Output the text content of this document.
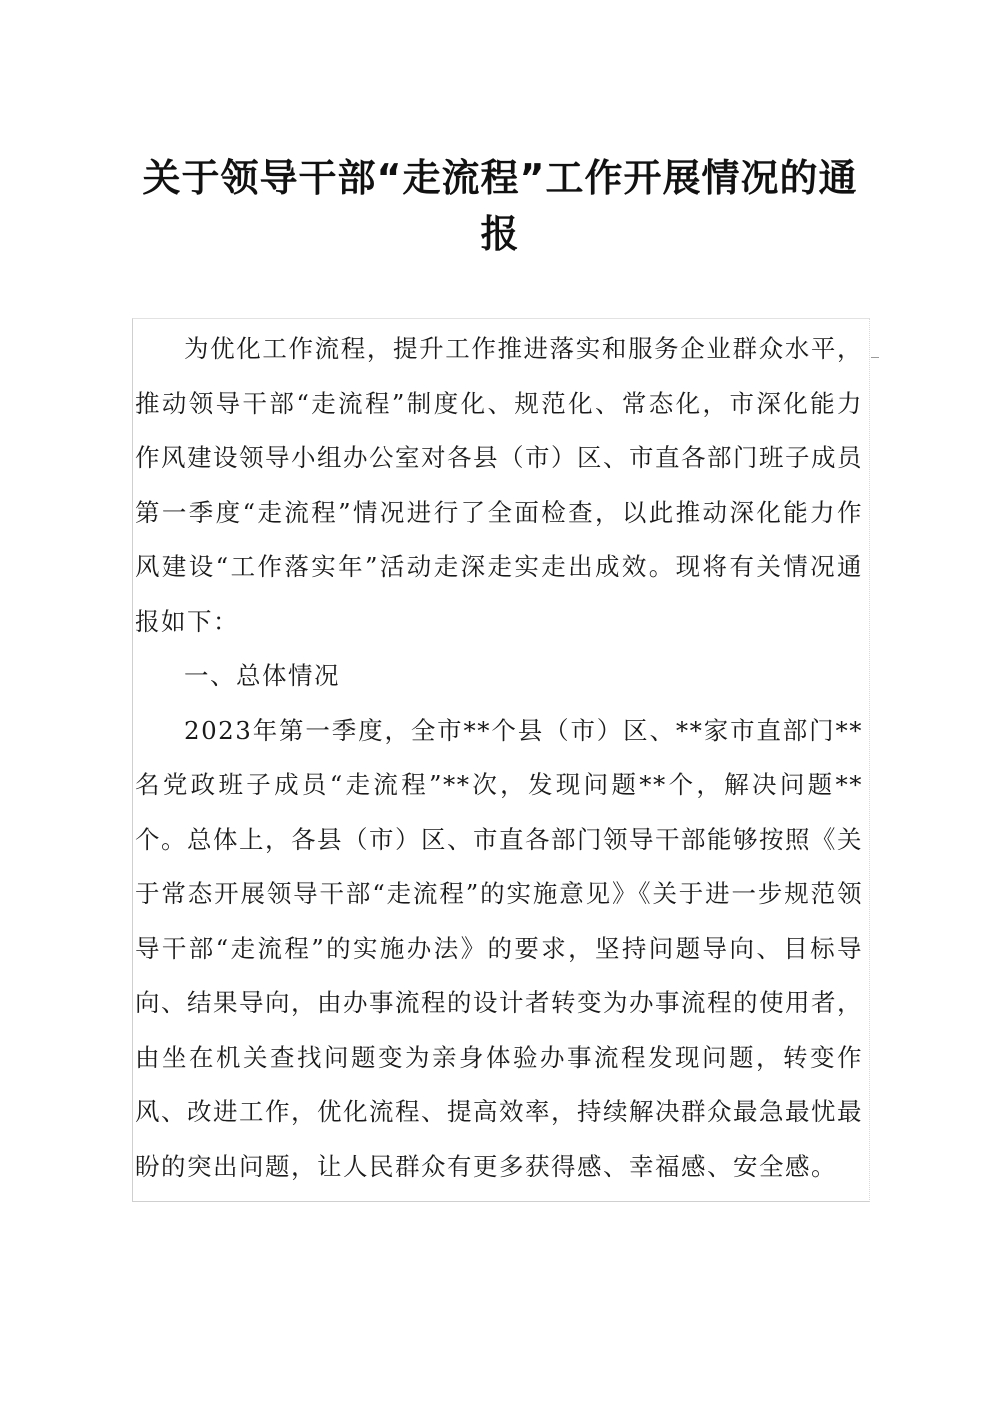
关于领导干部“走流程”工作开展情况的通报

为优化工作流程，提升工作推进落实和服务企业群众水平，推动领导干部“走流程”制度化、规范化、常态化，市深化能力作风建设领导小组办公室对各县（市）区、市直各部门班子成员第一季度“走流程”情况进行了全面检查，以此推动深化能力作风建设“工作落实年”活动走深走实走出成效。现将有关情况通报如下：

一、总体情况

2023年第一季度，全市**个县（市）区、**家市直部门**名党政班子成员“走流程”**次，发现问题**个，解决问题**个。总体上，各县（市）区、市直各部门领导干部能够按照《关于常态开展领导干部“走流程”的实施意见》《关于进一步规范领导干部“走流程”的实施办法》的要求，坚持问题导向、目标导向、结果导向，由办事流程的设计者转变为办事流程的使用者，由坐在机关查找问题变为亲身体验办事流程发现问题，转变作风、改进工作，优化流程、提高效率，持续解决群众最急最忧最盼的突出问题，让人民群众有更多获得感、幸福感、安全感。
